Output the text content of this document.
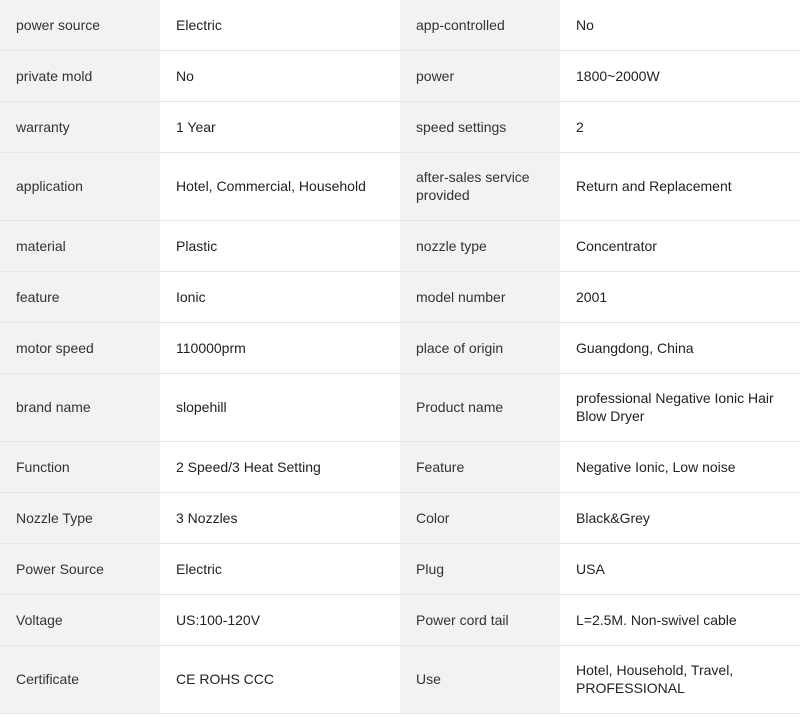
power source	Electric	app-controlled	No
private mold	No	power	1800~2000W
warranty	1 Year	speed settings	2
application	Hotel, Commercial, Household	after-sales service provided	Return and Replacement
material	Plastic	nozzle type	Concentrator
feature	Ionic	model number	2001
motor speed	110000prm	place of origin	Guangdong, China
brand name	slopehill	Product name	professional Negative Ionic Hair Blow Dryer
Function	2 Speed/3 Heat Setting	Feature	Negative Ionic, Low noise
Nozzle Type	3 Nozzles	Color	Black&Grey
Power Source	Electric	Plug	USA
Voltage	US:100-120V	Power cord tail	L=2.5M. Non-swivel cable
Certificate	CE ROHS CCC	Use	Hotel, Household, Travel, PROFESSIONAL
